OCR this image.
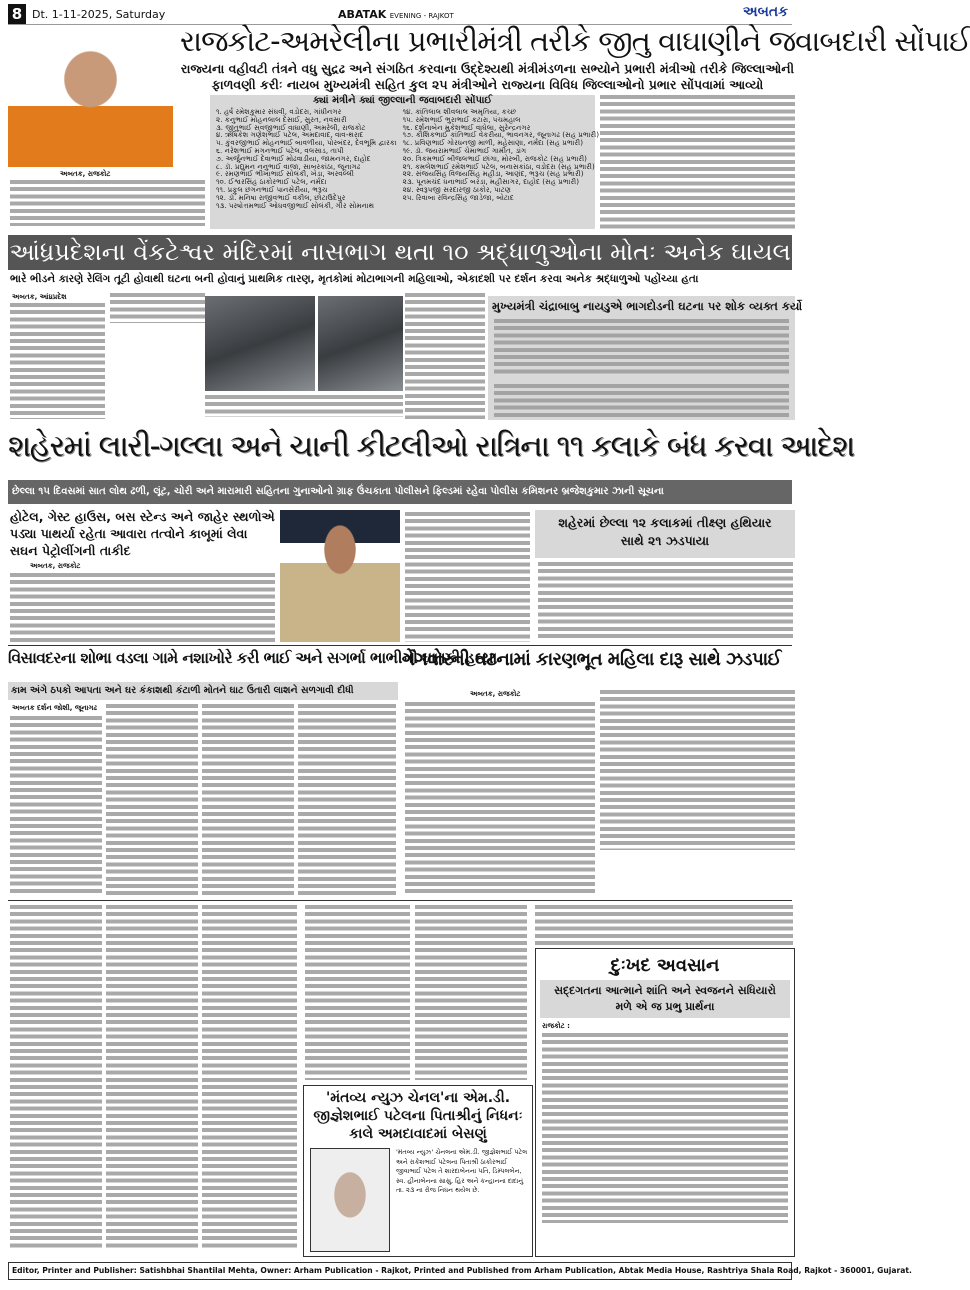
8 Dt. 1-11-2025, Saturday	ABATAK EVENING - RAJKOT	અબતક
રાજકોટ-અમરેલીના પ્રભારીમંત્રી તરીકે જીતુ વાઘાણીને જવાબદારી સોંપાઈ
રાજ્યના વહીવટી તંત્રને વધુ સુદ્રઢ અને સંગઠિત કરવાના ઉદ્દેશ્યથી મંત્રીમંડળના સભ્યોને પ્રભારી મંત્રીઓ તરીકે જિલ્લાઓની ફાળવણી કરીઃ નાયબ મુખ્યમંત્રી સહિત કુલ ૨૫ મંત્રીઓને રાજ્યના વિવિધ જિલ્લાઓનો પ્રભાર સોંપવામાં આવ્યો
ક્યાં મંત્રીને ક્યાં જીલ્લાની જવાબદારી સોંપાઈ
૧. હર્ષ રમેશકુમાર સંઘવી, વડોદરા, ગાંધીનગર
૨. કનુભાઈ મોહનલાલ દેસાઈ, સુરત, નવસારી
૩. જીતુભાઈ સવજીભાઈ વાઘાણી, અમરેલી, રાજકોટ
૪. ઋષિકેશ ગણેશભાઈ પટેલ, અમદાવાદ, વાવ-થરાદ
૫. કુંવરજીભાઈ મોહનભાઈ બાવળીયા, પોરબંદર, દેવભૂમિ દ્વારકા
૬. નરેશભાઈ મગનભાઈ પટેલ, વલસાડ, તાપી
૭. અર્જુનભાઈ દેવાભાઈ મોઢવાડીયા, જામનગર, દાહોદ
૮. ડૉ. પ્રદ્યુમન નનુભાઈ વાજા, સાબરકાંઠા, જૂનાગઢ
૯. રમણભાઈ ભીખાભાઈ સોલંકી, ખેડા, અરવલ્લી
૧૦. ઈશ્વરસિંહ ઠાકોરભાઈ પટેલ, નર્મદા
૧૧. પ્રફુલ છગનભાઈ પાનસેરીયા, ભરૂચ
૧૨. ડૉ. મનિષા રાજીવભાઈ વકીલ, છોટાઉદેપુર
૧૩. પરષોત્તમભાઈ ઓધવજીભાઈ સોલંકી, ગીર સોમનાથ
૧૪. કાંતિલાલ શીવલાલ અમૃતિયા, કચ્છ
૧૫. રમેશભાઈ ભુરાભાઈ કટારા, પંચમહાલ
૧૬. દર્શનાબેન મુકેશભાઈ વાઘેલા, સુરેન્દ્રનગર
૧૭. કૌશિકભાઈ કાંતિભાઈ વેકરીયા, ભાવનગર, જૂનાગઢ (સહ પ્રભારી)
૧૮. પ્રવિણભાઈ ગોરધનજી માળી, મહેસાણા, નર્મદા (સહ પ્રભારી)
૧૯. ડૉ. જયરામભાઈ ચેમાભાઈ ગામીત, ડાંગ
૨૦. ત્રિકમભાઈ બીજલભાઈ છાંગા, મોરબી, રાજકોટ (સહ પ્રભારી)
૨૧. કમલેશભાઈ રમેશભાઈ પટેલ, બનાસકાંઠા, વડોદરા (સહ પ્રભારી)
૨૨. સંજયસિંહ વિજયસિંહ મહીડા, આણંદ, ભરૂચ (સહ પ્રભારી)
૨૩. પૂનમચંદ ધનાભાઈ બરંડા, મહીસાગર, દાહોદ (સહ પ્રભારી)
૨૪. સ્વરૂપજી સરદારજી ઠાકોર, પાટણ
૨૫. રિવાબા રવિન્દ્રસિંહ જાડેજા, બોટાદ
અબતક, રાજકોટ
આંધ્રપ્રદેશના વેંકટેશ્વર મંદિરમાં નાસભાગ થતા ૧૦ શ્રદ્ધાળુઓના મોતઃ અનેક ઘાયલ
ભારે ભીડને કારણે રેલિંગ તૂટી હોવાથી ઘટના બની હોવાનું પ્રાથમિક તારણ, મૃતકોમાં મોટાભાગની મહિલાઓ, એકાદશી પર દર્શન કરવા અનેક શ્રદ્ધાળુઓ પહોંચ્યા હતા
અબતક, આંધ્રપ્રદેશ
મુખ્યમંત્રી ચંદ્રાબાબુ નાયડુએ ભાગદોડની ઘટના પર શોક વ્યક્ત કર્યો
શહેરમાં લારી-ગલ્લા અને ચાની કીટલીઓ રાત્રિના ૧૧ કલાકે બંધ કરવા આદેશ
છેલ્લા ૧૫ દિવસમાં સાત લોથ ઢળી, લૂંટ, ચોરી અને મારામારી સહિતના ગુનાઓનો ગ્રાફ ઉંચકાતા પોલીસને ફિલ્ડમાં રહેવા પોલીસ કમિશનર બ્રજેશકુમાર ઝાની સૂચના
હોટેલ, ગેસ્ટ હાઉસ, બસ સ્ટેન્ડ અને જાહેર સ્થળોએ પડ્યા પાથર્યા રહેતા આવારા તત્વોને કાબૂમાં લેવા સઘન પેટ્રોલીંગની તાકીદ
અબતક, રાજકોટ
શહેરમાં છેલ્લા ૧૨ કલાકમાં તીક્ષ્ણ હથિયાર સાથે ૨૧ ઝડપાયા
વિસાવદરના શોભા વડલા ગામે નશાખોરે કરી ભાઈ અને સગર્ભા ભાભીની ઘાતકી હત્યા
ગેંગવોરની ઘટનામાં કારણભૂત મહિલા દારૂ સાથે ઝડપાઈ
કામ અંગે ઠપકો આપતા અને ઘર કંકાશથી કંટાળી મોતને ઘાટ ઉતારી લાશને સળગાવી દીધી
અબતક દર્શન જોશી, જૂનાગઢ
અબતક, રાજકોટ
'મંતવ્ય ન્યુઝ ચેનલ'ના એમ.ડી. જીજ્ઞેશભાઈ પટેલના પિતાશ્રીનું નિધનઃ કાલે અમદાવાદમાં બેસણું
'મંતવ્ય ન્યુઝ' ચેનલના એમ.ડી. જીજ્ઞેશભાઈ પટેલ અને રાકેશભાઈ પટેલના પિતાશ્રી ઠાકોરભાઈ જીવાભાઈ પટેલ તે શારદાબેનના પતિ, ડિમ્પલબેન, સ્વ. હીનાબેનના સાસુ, હિર અને કન્હાનના દાદાનું તા. ૨૩ ના રોજ નિધન થયેલ છે.
દુઃખદ અવસાન
સદ્દગતના આત્માને શાંતિ અને સ્વજનને સધિયારો મળે એ જ પ્રભુ પ્રાર્થના
રાજકોટ :
Editor, Printer and Publisher: Satishbhai Shantilal Mehta, Owner: Arham Publication - Rajkot, Printed and Published from Arham Publication, Abtak Media House, Rashtriya Shala Road, Rajkot - 360001, Gujarat.
